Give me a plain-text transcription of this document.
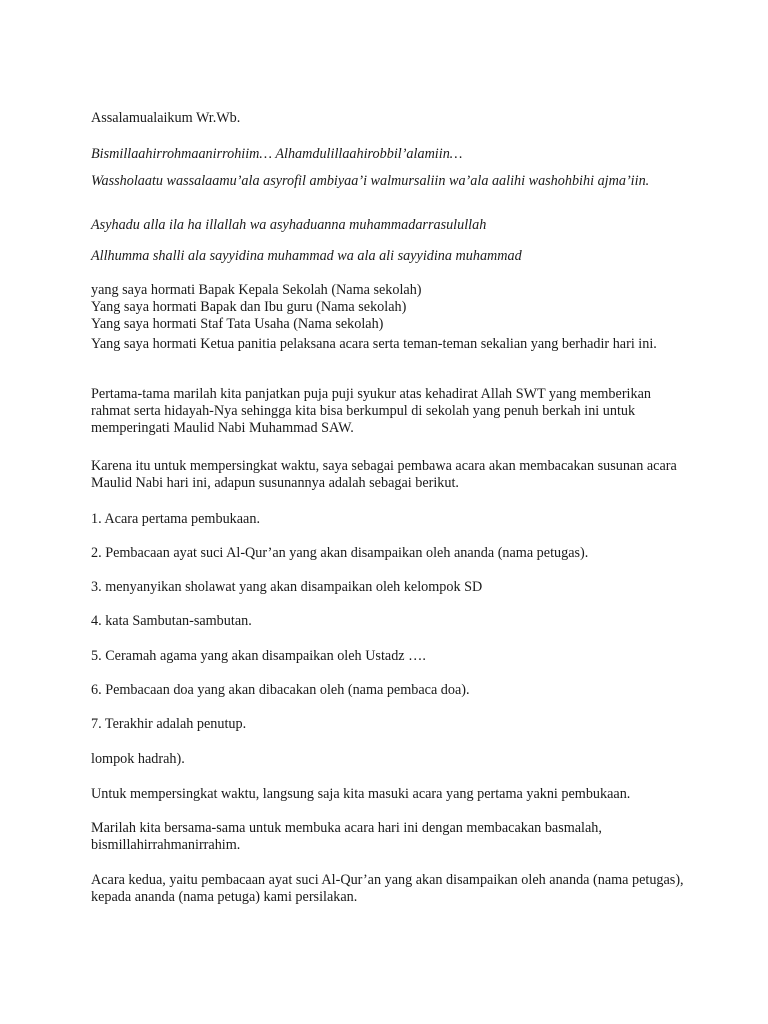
Assalamualaikum Wr.Wb.

Bismillaahirrohmaanirrohiim… Alhamdulillaahirobbil’alamiin…

Wassholaatu wassalaamu’ala asyrofil ambiyaa’i walmursaliin wa’ala aalihi washohbihi ajma’iin.

Asyhadu alla ila ha illallah wa asyhaduanna muhammadarrasulullah

Allhumma shalli ala sayyidina muhammad wa ala ali sayyidina muhammad

yang saya hormati Bapak Kepala Sekolah (Nama sekolah)

Yang saya hormati Bapak dan Ibu guru (Nama sekolah)

Yang saya hormati Staf Tata Usaha (Nama sekolah)

Yang saya hormati Ketua panitia pelaksana acara serta teman-teman sekalian yang berhadir hari ini.

Pertama-tama marilah kita panjatkan puja puji syukur atas kehadirat Allah SWT yang memberikan rahmat serta hidayah-Nya sehingga kita bisa berkumpul di sekolah yang penuh berkah ini untuk memperingati Maulid Nabi Muhammad SAW.

Karena itu untuk mempersingkat waktu, saya sebagai pembawa acara akan membacakan susunan acara Maulid Nabi hari ini, adapun susunannya adalah sebagai berikut.

1. Acara pertama pembukaan.

2. Pembacaan ayat suci Al-Qur’an yang akan disampaikan oleh ananda (nama petugas).

3. menyanyikan sholawat yang akan disampaikan oleh kelompok SD

4. kata Sambutan-sambutan.

5. Ceramah agama yang akan disampaikan oleh Ustadz ….

6. Pembacaan doa yang akan dibacakan oleh (nama pembaca doa).

7. Terakhir adalah penutup.

lompok hadrah).

Untuk mempersingkat waktu, langsung saja kita masuki acara yang pertama yakni pembukaan.

Marilah kita bersama-sama untuk membuka acara hari ini dengan membacakan basmalah, bismillahirrahmanirrahim.

Acara kedua, yaitu pembacaan ayat suci Al-Qur’an yang akan disampaikan oleh ananda (nama petugas), kepada ananda (nama petuga) kami persilakan.
